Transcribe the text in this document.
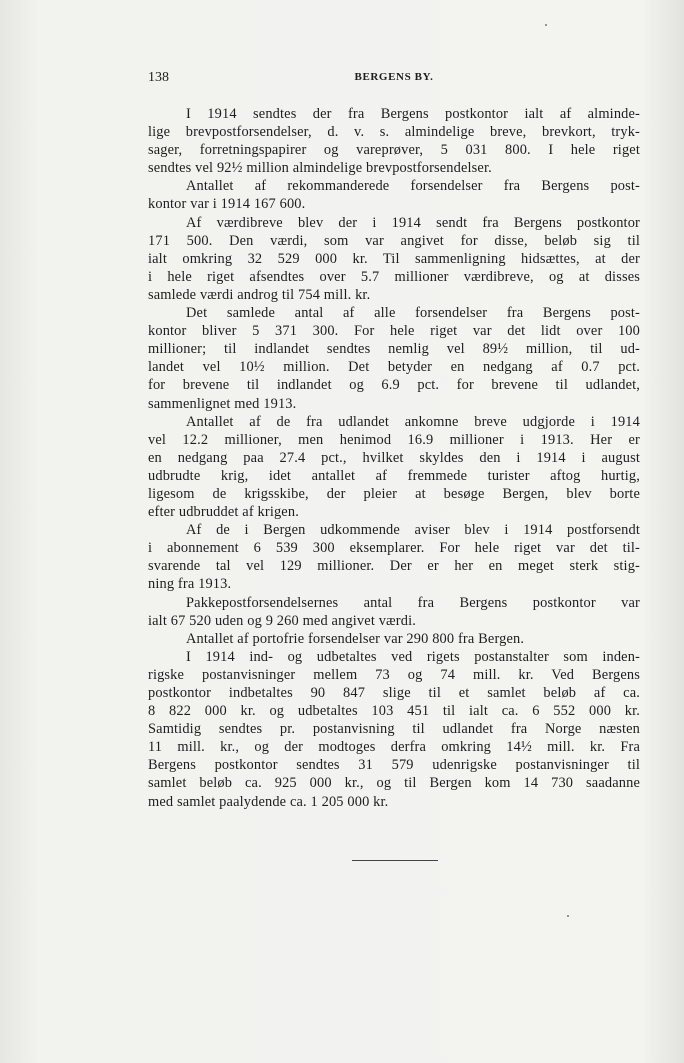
138	BERGENS BY.
I 1914 sendtes der fra Bergens postkontor ialt af alminde-
lige brevpostforsendelser, d. v. s. almindelige breve, brevkort, tryk-
sager, forretningspapirer og vareprøver, 5 031 800. I hele riget
sendtes vel 92½ million almindelige brevpostforsendelser.
Antallet af rekommanderede forsendelser fra Bergens post-
kontor var i 1914 167 600.
Af værdibreve blev der i 1914 sendt fra Bergens postkontor
171 500. Den værdi, som var angivet for disse, beløb sig til
ialt omkring 32 529 000 kr. Til sammenligning hidsættes, at der
i hele riget afsendtes over 5.7 millioner værdibreve, og at disses
samlede værdi androg til 754 mill. kr.
Det samlede antal af alle forsendelser fra Bergens post-
kontor bliver 5 371 300. For hele riget var det lidt over 100
millioner; til indlandet sendtes nemlig vel 89½ million, til ud-
landet vel 10½ million. Det betyder en nedgang af 0.7 pct.
for brevene til indlandet og 6.9 pct. for brevene til udlandet,
sammenlignet med 1913.
Antallet af de fra udlandet ankomne breve udgjorde i 1914
vel 12.2 millioner, men henimod 16.9 millioner i 1913. Her er
en nedgang paa 27.4 pct., hvilket skyldes den i 1914 i august
udbrudte krig, idet antallet af fremmede turister aftog hurtig,
ligesom de krigsskibe, der pleier at besøge Bergen, blev borte
efter udbruddet af krigen.
Af de i Bergen udkommende aviser blev i 1914 postforsendt
i abonnement 6 539 300 eksemplarer. For hele riget var det til-
svarende tal vel 129 millioner. Der er her en meget sterk stig-
ning fra 1913.
Pakkepostforsendelsernes antal fra Bergens postkontor var
ialt 67 520 uden og 9 260 med angivet værdi.
Antallet af portofrie forsendelser var 290 800 fra Bergen.
I 1914 ind- og udbetaltes ved rigets postanstalter som inden-
rigske postanvisninger mellem 73 og 74 mill. kr. Ved Bergens
postkontor indbetaltes 90 847 slige til et samlet beløb af ca.
8 822 000 kr. og udbetaltes 103 451 til ialt ca. 6 552 000 kr.
Samtidig sendtes pr. postanvisning til udlandet fra Norge næsten
11 mill. kr., og der modtoges derfra omkring 14½ mill. kr. Fra
Bergens postkontor sendtes 31 579 udenrigske postanvisninger til
samlet beløb ca. 925 000 kr., og til Bergen kom 14 730 saadanne
med samlet paalydende ca. 1 205 000 kr.
